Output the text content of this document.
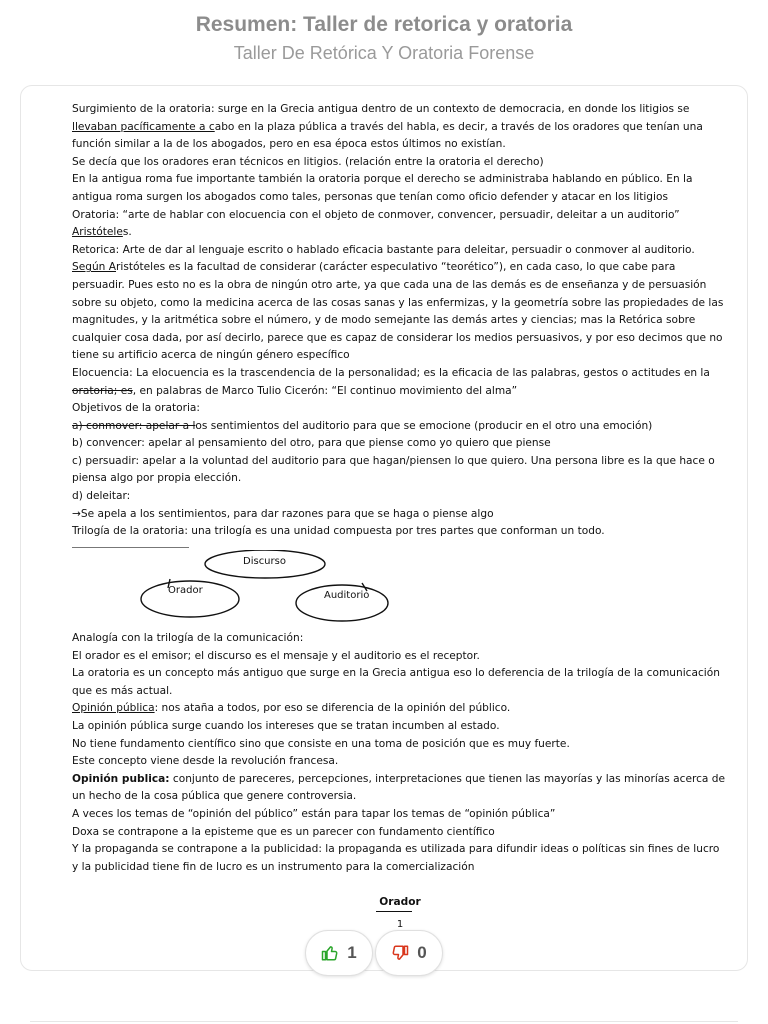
Resumen: Taller de retorica y oratoria
Taller De Retórica Y Oratoria Forense

Surgimiento de la oratoria: surge en la Grecia antigua dentro de un contexto de democracia, en donde los litigios se

llevaban pacíficamente a cabo en la plaza pública a través del habla, es decir, a través de los oradores que tenían una

función similar a la de los abogados, pero en esa época estos últimos no existían.

Se decía que los oradores eran técnicos en litigios. (relación entre la oratoria el derecho)

En la antigua roma fue importante también la oratoria porque el derecho se administraba hablando en público. En la

antigua roma surgen los abogados como tales, personas que tenían como oficio defender y atacar en los litigios

Oratoria: “arte de hablar con elocuencia con el objeto de conmover, convencer, persuadir, deleitar a un auditorio”

Aristóteles.

Retorica: Arte de dar al lenguaje escrito o hablado eficacia bastante para deleitar, persuadir o conmover al auditorio.

Según Aristóteles es la facultad de considerar (carácter especulativo “teorético”), en cada caso, lo que cabe para

persuadir. Pues esto no es la obra de ningún otro arte, ya que cada una de las demás es de enseñanza y de persuasión

sobre su objeto, como la medicina acerca de las cosas sanas y las enfermizas, y la geometría sobre las propiedades de las

magnitudes, y la aritmética sobre el número, y de modo semejante las demás artes y ciencias; mas la Retórica sobre

cualquier cosa dada, por así decirlo, parece que es capaz de considerar los medios persuasivos, y por eso decimos que no

tiene su artificio acerca de ningún género específico

Elocuencia: La elocuencia es la trascendencia de la personalidad; es la eficacia de las palabras, gestos o actitudes en la

oratoria; es, en palabras de Marco Tulio Cicerón: “El continuo movimiento del alma”

Objetivos de la oratoria:

a) conmover: apelar a los sentimientos del auditorio para que se emocione (producir en el otro una emoción)

b) convencer: apelar al pensamiento del otro, para que piense como yo quiero que piense

c) persuadir: apelar a la voluntad del auditorio para que hagan/piensen lo que quiero. Una persona libre es la que hace o

piensa algo por propia elección.

d) deleitar:

→Se apela a los sentimientos, para dar razones para que se haga o piense algo

Trilogía de la oratoria: una trilogía es una unidad compuesta por tres partes que conforman un todo.

Discurso
Orador	Auditorio

Analogía con la trilogía de la comunicación:

El orador es el emisor; el discurso es el mensaje y el auditorio es el receptor.

La oratoria es un concepto más antiguo que surge en la Grecia antigua eso lo deferencia de la trilogía de la comunicación

que es más actual.

Opinión pública: nos ataña a todos, por eso se diferencia de la opinión del público.

La opinión pública surge cuando los intereses que se tratan incumben al estado.

No tiene fundamento científico sino que consiste en una toma de posición que es muy fuerte.

Este concepto viene desde la revolución francesa.

Opinión publica: conjunto de pareceres, percepciones, interpretaciones que tienen las mayorías y las minorías acerca de

un hecho de la cosa pública que genere controversia.

A veces los temas de “opinión del público” están para tapar los temas de “opinión pública”

Doxa se contrapone a la episteme que es un parecer con fundamento científico

Y la propaganda se contrapone a la publicidad: la propaganda es utilizada para difundir ideas o políticas sin fines de lucro

y la publicidad tiene fin de lucro es un instrumento para la comercializaciόn

Orador
1
1	0
